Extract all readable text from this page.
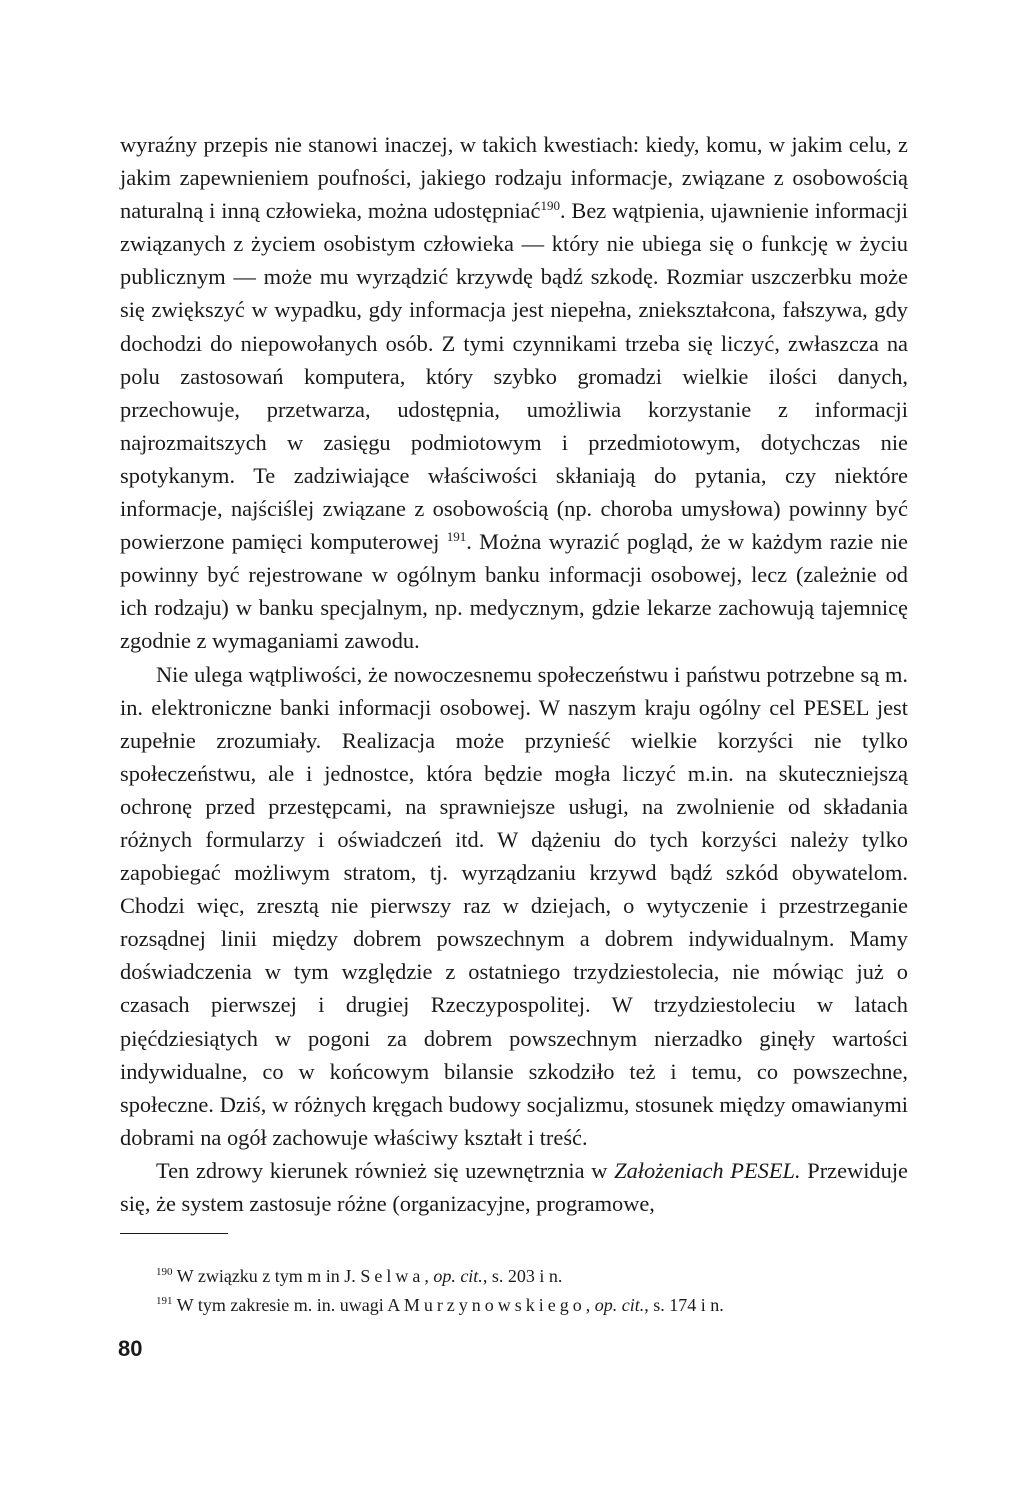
wyraźny przepis nie stanowi inaczej, w takich kwestiach: kiedy, komu, w jakim celu, z jakim zapewnieniem poufności, jakiego rodzaju informacje, związane z osobowością naturalną i inną człowieka, można udostępniać$^{190}$. Bez wątpienia, ujawnienie informacji związanych z życiem osobistym człowieka — który nie ubiega się o funkcję w życiu publicznym — może mu wyrządzić krzywdę bądź szkodę. Rozmiar uszczerbku może się zwiększyć w wypadku, gdy informacja jest niepełna, zniekształcona, fałszywa, gdy dochodzi do niepowołanych osób. Z tymi czynnikami trzeba się liczyć, zwłaszcza na polu zastosowań komputera, który szybko gromadzi wielkie ilości danych, przechowuje, przetwarza, udostępnia, umożliwia korzystanie z informacji najrozmaitszych w zasięgu podmiotowym i przedmiotowym, dotychczas nie spotykanym. Te zadziwiające właściwości skłaniają do pytania, czy niektóre informacje, najściślej związane z osobowością (np. choroba umysłowa) powinny być powierzone pamięci komputerowej $^{191}$. Można wyrazić pogląd, że w każdym razie nie powinny być rejestrowane w ogólnym banku informacji osobowej, lecz (zależnie od ich rodzaju) w banku specjalnym, np. medycznym, gdzie lekarze zachowują tajemnicę zgodnie z wymaganiami zawodu.

Nie ulega wątpliwości, że nowoczesnemu społeczeństwu i państwu potrzebne są m. in. elektroniczne banki informacji osobowej. W naszym kraju ogólny cel PESEL jest zupełnie zrozumiały. Realizacja może przynieść wielkie korzyści nie tylko społeczeństwu, ale i jednostce, która będzie mogła liczyć m.in. na skuteczniejszą ochronę przed przestępcami, na sprawniejsze usługi, na zwolnienie od składania różnych formularzy i oświadczeń itd. W dążeniu do tych korzyści należy tylko zapobiegać możliwym stratom, tj. wyrządzaniu krzywd bądź szkód obywatelom. Chodzi więc, zresztą nie pierwszy raz w dziejach, o wytyczenie i przestrzeganie rozsądnej linii między dobrem powszechnym a dobrem indywidualnym. Mamy doświadczenia w tym względzie z ostatniego trzydziestolecia, nie mówiąc już o czasach pierwszej i drugiej Rzeczypospolitej. W trzydziestoleciu w latach pięćdziesiątych w pogoni za dobrem powszechnym nierzadko ginęły wartości indywidualne, co w końcowym bilansie szkodziło też i temu, co powszechne, społeczne. Dziś, w różnych kręgach budowy socjalizmu, stosunek między omawianymi dobrami na ogół zachowuje właściwy kształt i treść.

Ten zdrowy kierunek również się uzewnętrznia w Założeniach PESEL. Przewiduje się, że system zastosuje różne (organizacyjne, programowe,

$^{190}$ W związku z tym m in J. Selwa, op. cit., s. 203 i n.
$^{191}$ W tym zakresie m. in. uwagi A Murzynowskiego, op. cit., s. 174 i n.
80
